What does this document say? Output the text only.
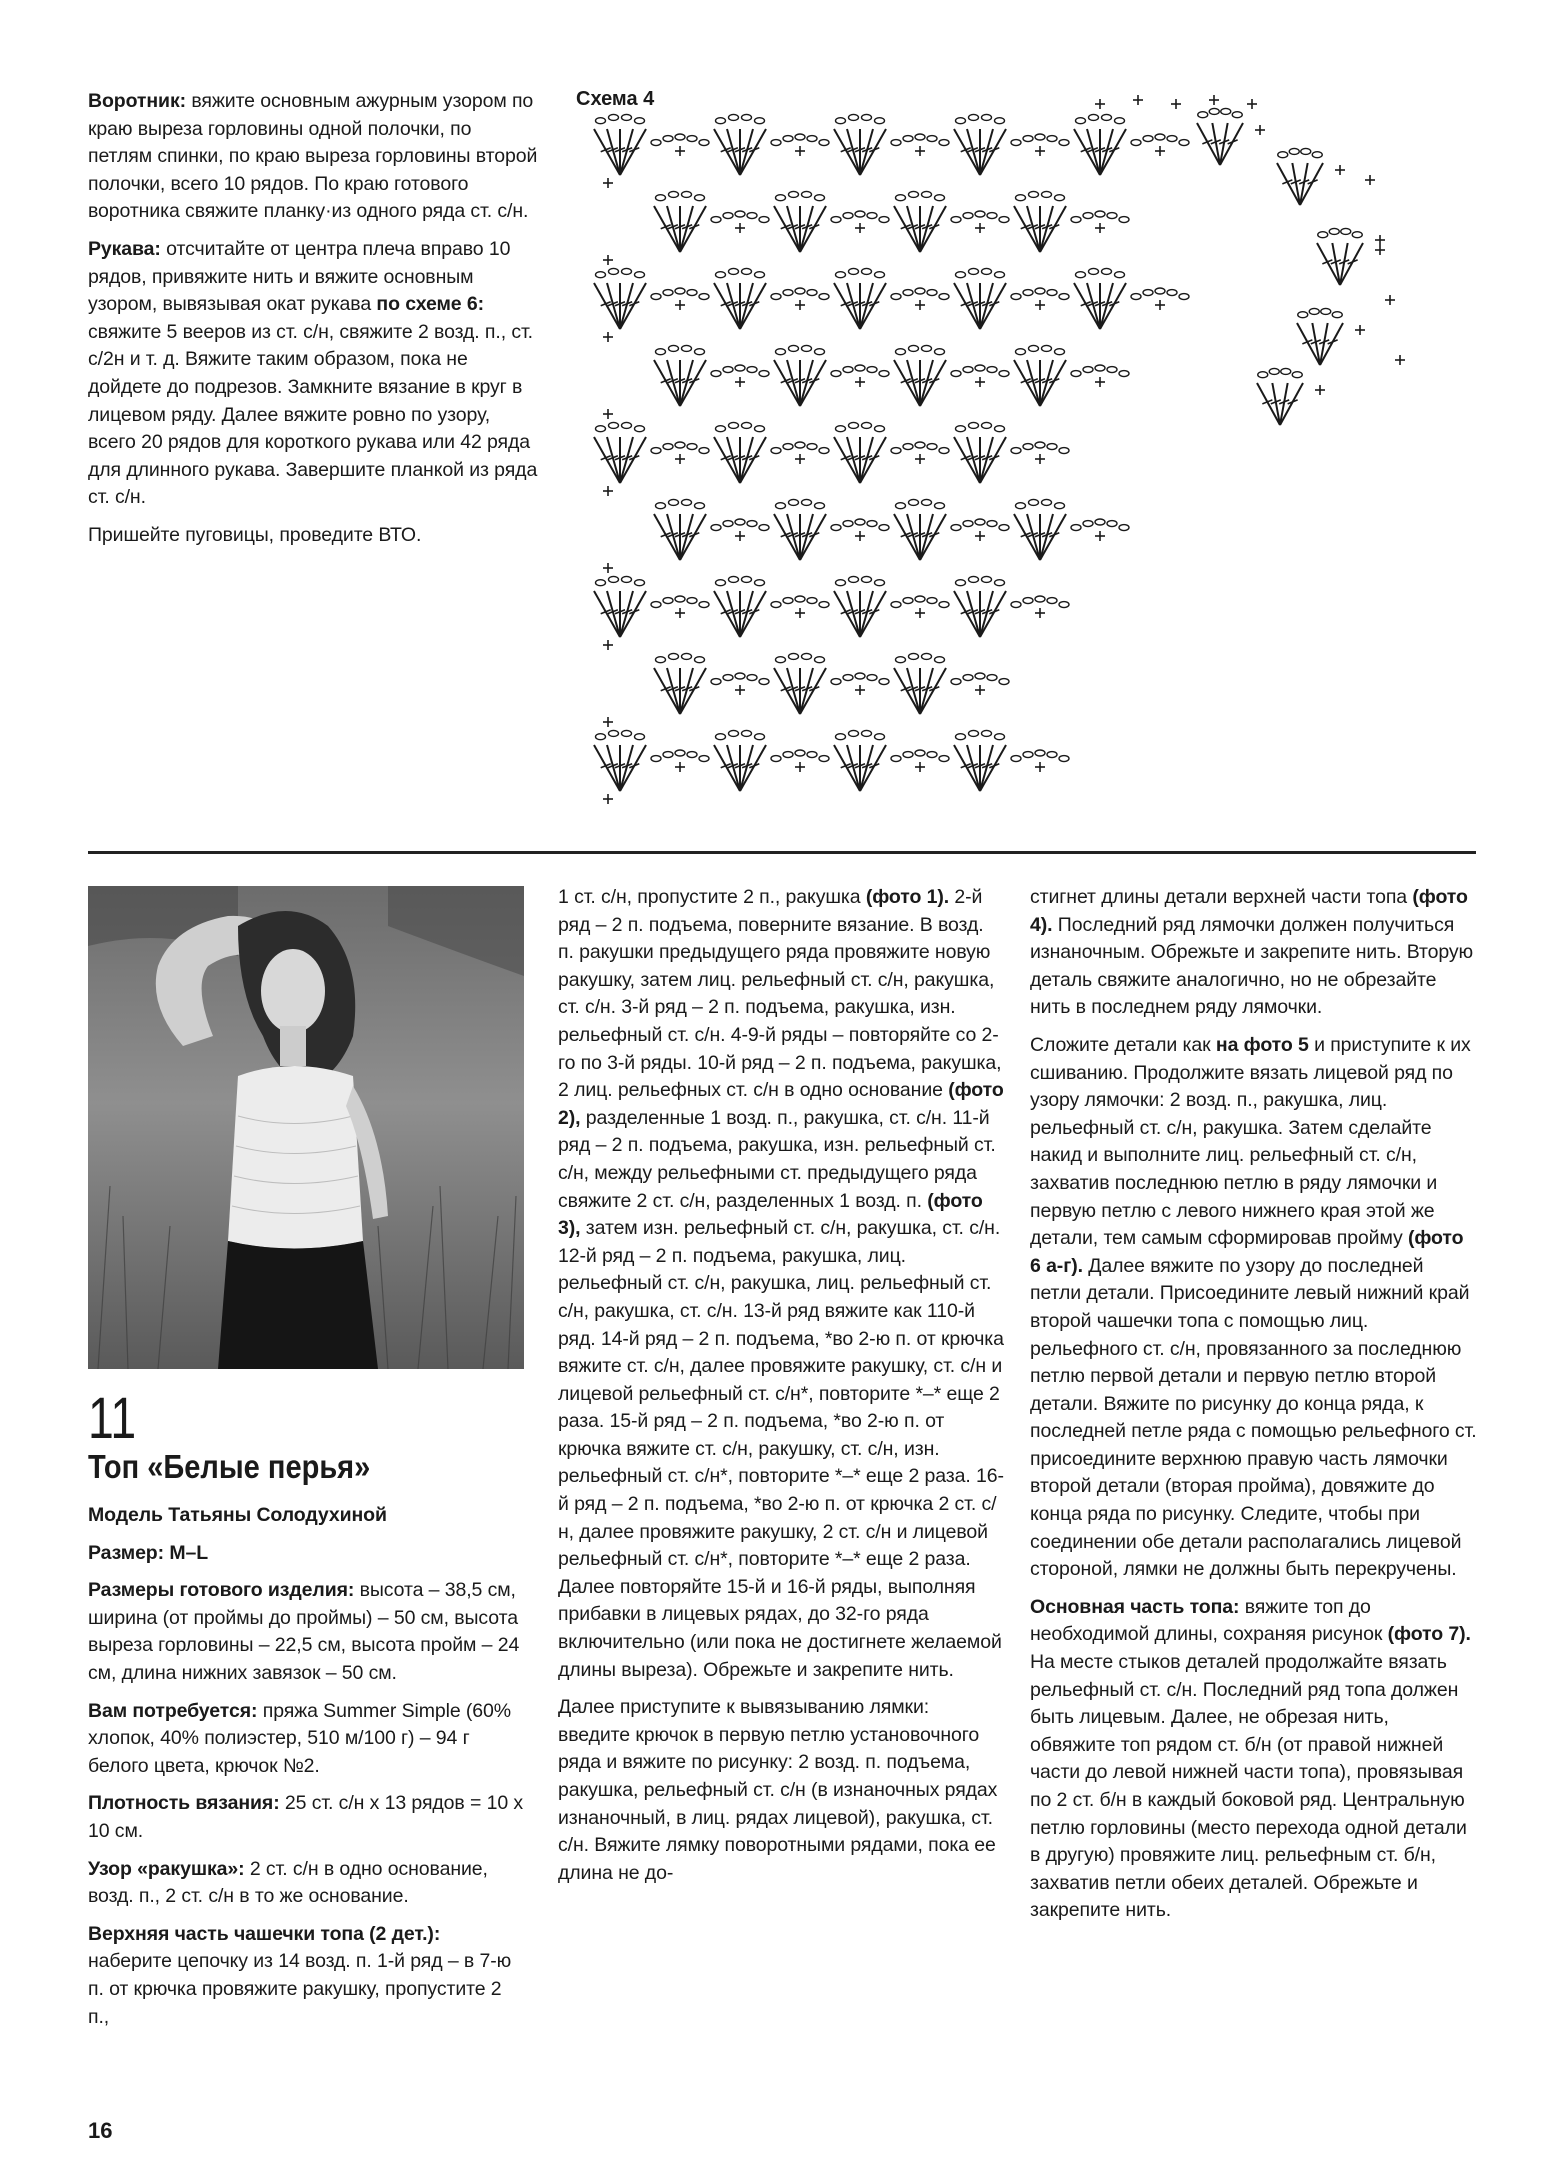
Воротник: вяжите основным ажурным узором по краю выреза горловины одной полочки, по петлям спинки, по краю выреза горловины второй полочки, всего 10 рядов. По краю готового воротника свяжите планку·из одного ряда ст. с/н.

Рукава: отсчитайте от центра плеча вправо 10 рядов, привяжите нить и вяжите основным узором, вывязывая окат рукава по схеме 6: свяжите 5 вееров из ст. с/н, свяжите 2 возд. п., ст. с/2н и т. д. Вяжите таким образом, пока не дойдете до подрезов. Замкните вязание в круг в лицевом ряду. Далее вяжите ровно по узору, всего 20 рядов для короткого рукава или 42 ряда для длинного рукава. Завершите планкой из ряда ст. с/н.

Пришейте пуговицы, проведите ВТО.

Схема 4
11
Топ «Белые перья»

Модель Татьяны Солодухиной

Размер: M–L

Размеры готового изделия: высота – 38,5 см, ширина (от проймы до проймы) – 50 см, высота выреза горловины – 22,5 см, высота пройм – 24 см, длина нижних завязок – 50 см.

Вам потребуется: пряжа Summer Simple (60% хлопок, 40% полиэстер, 510 м/100 г) – 94 г белого цвета, крючок №2.

Плотность вязания: 25 ст. с/н х 13 рядов = 10 х 10 см.

Узор «ракушка»: 2 ст. с/н в одно основание, возд. п., 2 ст. с/н в то же основание.

Верхняя часть чашечки топа (2 дет.): наберите цепочку из 14 возд. п. 1-й ряд – в 7-ю п. от крючка провяжите ракушку, пропустите 2 п.,

1 ст. с/н, пропустите 2 п., ракушка (фото 1). 2-й ряд – 2 п. подъема, поверните вязание. В возд. п. ракушки предыдущего ряда провяжите новую ракушку, затем лиц. рельефный ст. с/н, ракушка, ст. с/н. 3-й ряд – 2 п. подъема, ракушка, изн. рельефный ст. с/н. 4-9-й ряды – повторяйте со 2-го по 3-й ряды. 10-й ряд – 2 п. подъема, ракушка, 2 лиц. рельефных ст. с/н в одно основание (фото 2), разделенные 1 возд. п., ракушка, ст. с/н. 11-й ряд – 2 п. подъема, ракушка, изн. рельефный ст. с/н, между рельефными ст. предыдущего ряда свяжите 2 ст. с/н, разделенных 1 возд. п. (фото 3), затем изн. рельефный ст. с/н, ракушка, ст. с/н. 12-й ряд – 2 п. подъема, ракушка, лиц. рельефный ст. с/н, ракушка, лиц. рельефный ст. с/н, ракушка, ст. с/н. 13-й ряд вяжите как 110-й ряд. 14-й ряд – 2 п. подъема, *во 2-ю п. от крючка вяжите ст. с/н, далее провяжите ракушку, ст. с/н и лицевой рельефный ст. с/н*, повторите *–* еще 2 раза. 15-й ряд – 2 п. подъема, *во 2-ю п. от крючка вяжите ст. с/н, ракушку, ст. с/н, изн. рельефный ст. с/н*, повторите *–* еще 2 раза. 16-й ряд – 2 п. подъема, *во 2-ю п. от крючка 2 ст. с/н, далее провяжите ракушку, 2 ст. с/н и лицевой рельефный ст. с/н*, повторите *–* еще 2 раза. Далее повторяйте 15-й и 16-й ряды, выполняя прибавки в лицевых рядах, до 32-го ряда включительно (или пока не достигнете желаемой длины выреза). Обрежьте и закрепите нить.

Далее приступите к вывязыванию лямки: введите крючок в первую петлю установочного ряда и вяжите по рисунку: 2 возд. п. подъема, ракушка, рельефный ст. с/н (в изнаночных рядах изнаночный, в лиц. рядах лицевой), ракушка, ст. с/н. Вяжите лямку поворотными рядами, пока ее длина не до-

стигнет длины детали верхней части топа (фото 4). Последний ряд лямочки должен получиться изнаночным. Обрежьте и закрепите нить. Вторую деталь свяжите аналогично, но не обрезайте нить в последнем ряду лямочки.

Сложите детали как на фото 5 и приступите к их сшиванию. Продолжите вязать лицевой ряд по узору лямочки: 2 возд. п., ракушка, лиц. рельефный ст. с/н, ракушка. Затем сделайте накид и выполните лиц. рельефный ст. с/н, захватив последнюю петлю в ряду лямочки и первую петлю с левого нижнего края этой же детали, тем самым сформировав пройму (фото 6 а-г). Далее вяжите по узору до последней петли детали. Присоедините левый нижний край второй чашечки топа с помощью лиц. рельефного ст. с/н, провязанного за последнюю петлю первой детали и первую петлю второй детали. Вяжите по рисунку до конца ряда, к последней петле ряда с помощью рельефного ст. присоедините верхнюю правую часть лямочки второй детали (вторая пройма), довяжите до конца ряда по рисунку. Следите, чтобы при соединении обе детали располагались лицевой стороной, лямки не должны быть перекручены.

Основная часть топа: вяжите топ до необходимой длины, сохраняя рисунок (фото 7). На месте стыков деталей продолжайте вязать рельефный ст. с/н. Последний ряд топа должен быть лицевым. Далее, не обрезая нить, обвяжите топ рядом ст. б/н (от правой нижней части до левой нижней части топа), провязывая по 2 ст. б/н в каждый боковой ряд. Центральную петлю горловины (место перехода одной детали в другую) провяжите лиц. рельефным ст. б/н, захватив петли обеих деталей. Обрежьте и закрепите нить.

16
